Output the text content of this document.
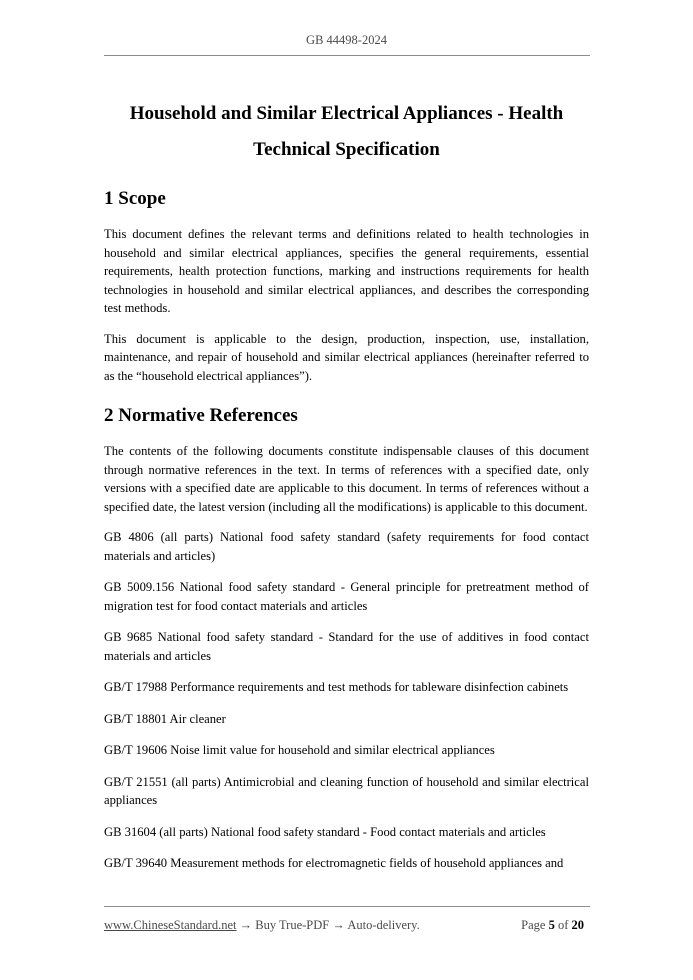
GB 44498-2024
Household and Similar Electrical Appliances - Health
Technical Specification
1 Scope

This document defines the relevant terms and definitions related to health technologies in household and similar electrical appliances, specifies the general requirements, essential requirements, health protection functions, marking and instructions requirements for health technologies in household and similar electrical appliances, and describes the corresponding test methods.

This document is applicable to the design, production, inspection, use, installation, maintenance, and repair of household and similar electrical appliances (hereinafter referred to as the “household electrical appliances”).

2 Normative References

The contents of the following documents constitute indispensable clauses of this document through normative references in the text. In terms of references with a specified date, only versions with a specified date are applicable to this document. In terms of references without a specified date, the latest version (including all the modifications) is applicable to this document.

GB 4806 (all parts) National food safety standard (safety requirements for food contact materials and articles)

GB 5009.156 National food safety standard - General principle for pretreatment method of migration test for food contact materials and articles

GB 9685 National food safety standard - Standard for the use of additives in food contact materials and articles

GB/T 17988 Performance requirements and test methods for tableware disinfection cabinets

GB/T 18801 Air cleaner

GB/T 19606 Noise limit value for household and similar electrical appliances

GB/T 21551 (all parts) Antimicrobial and cleaning function of household and similar electrical appliances

GB 31604 (all parts) National food safety standard - Food contact materials and articles

GB/T 39640 Measurement methods for electromagnetic fields of household appliances and

www.ChineseStandard.net → Buy True-PDF → Auto-delivery.	Page 5 of 20
